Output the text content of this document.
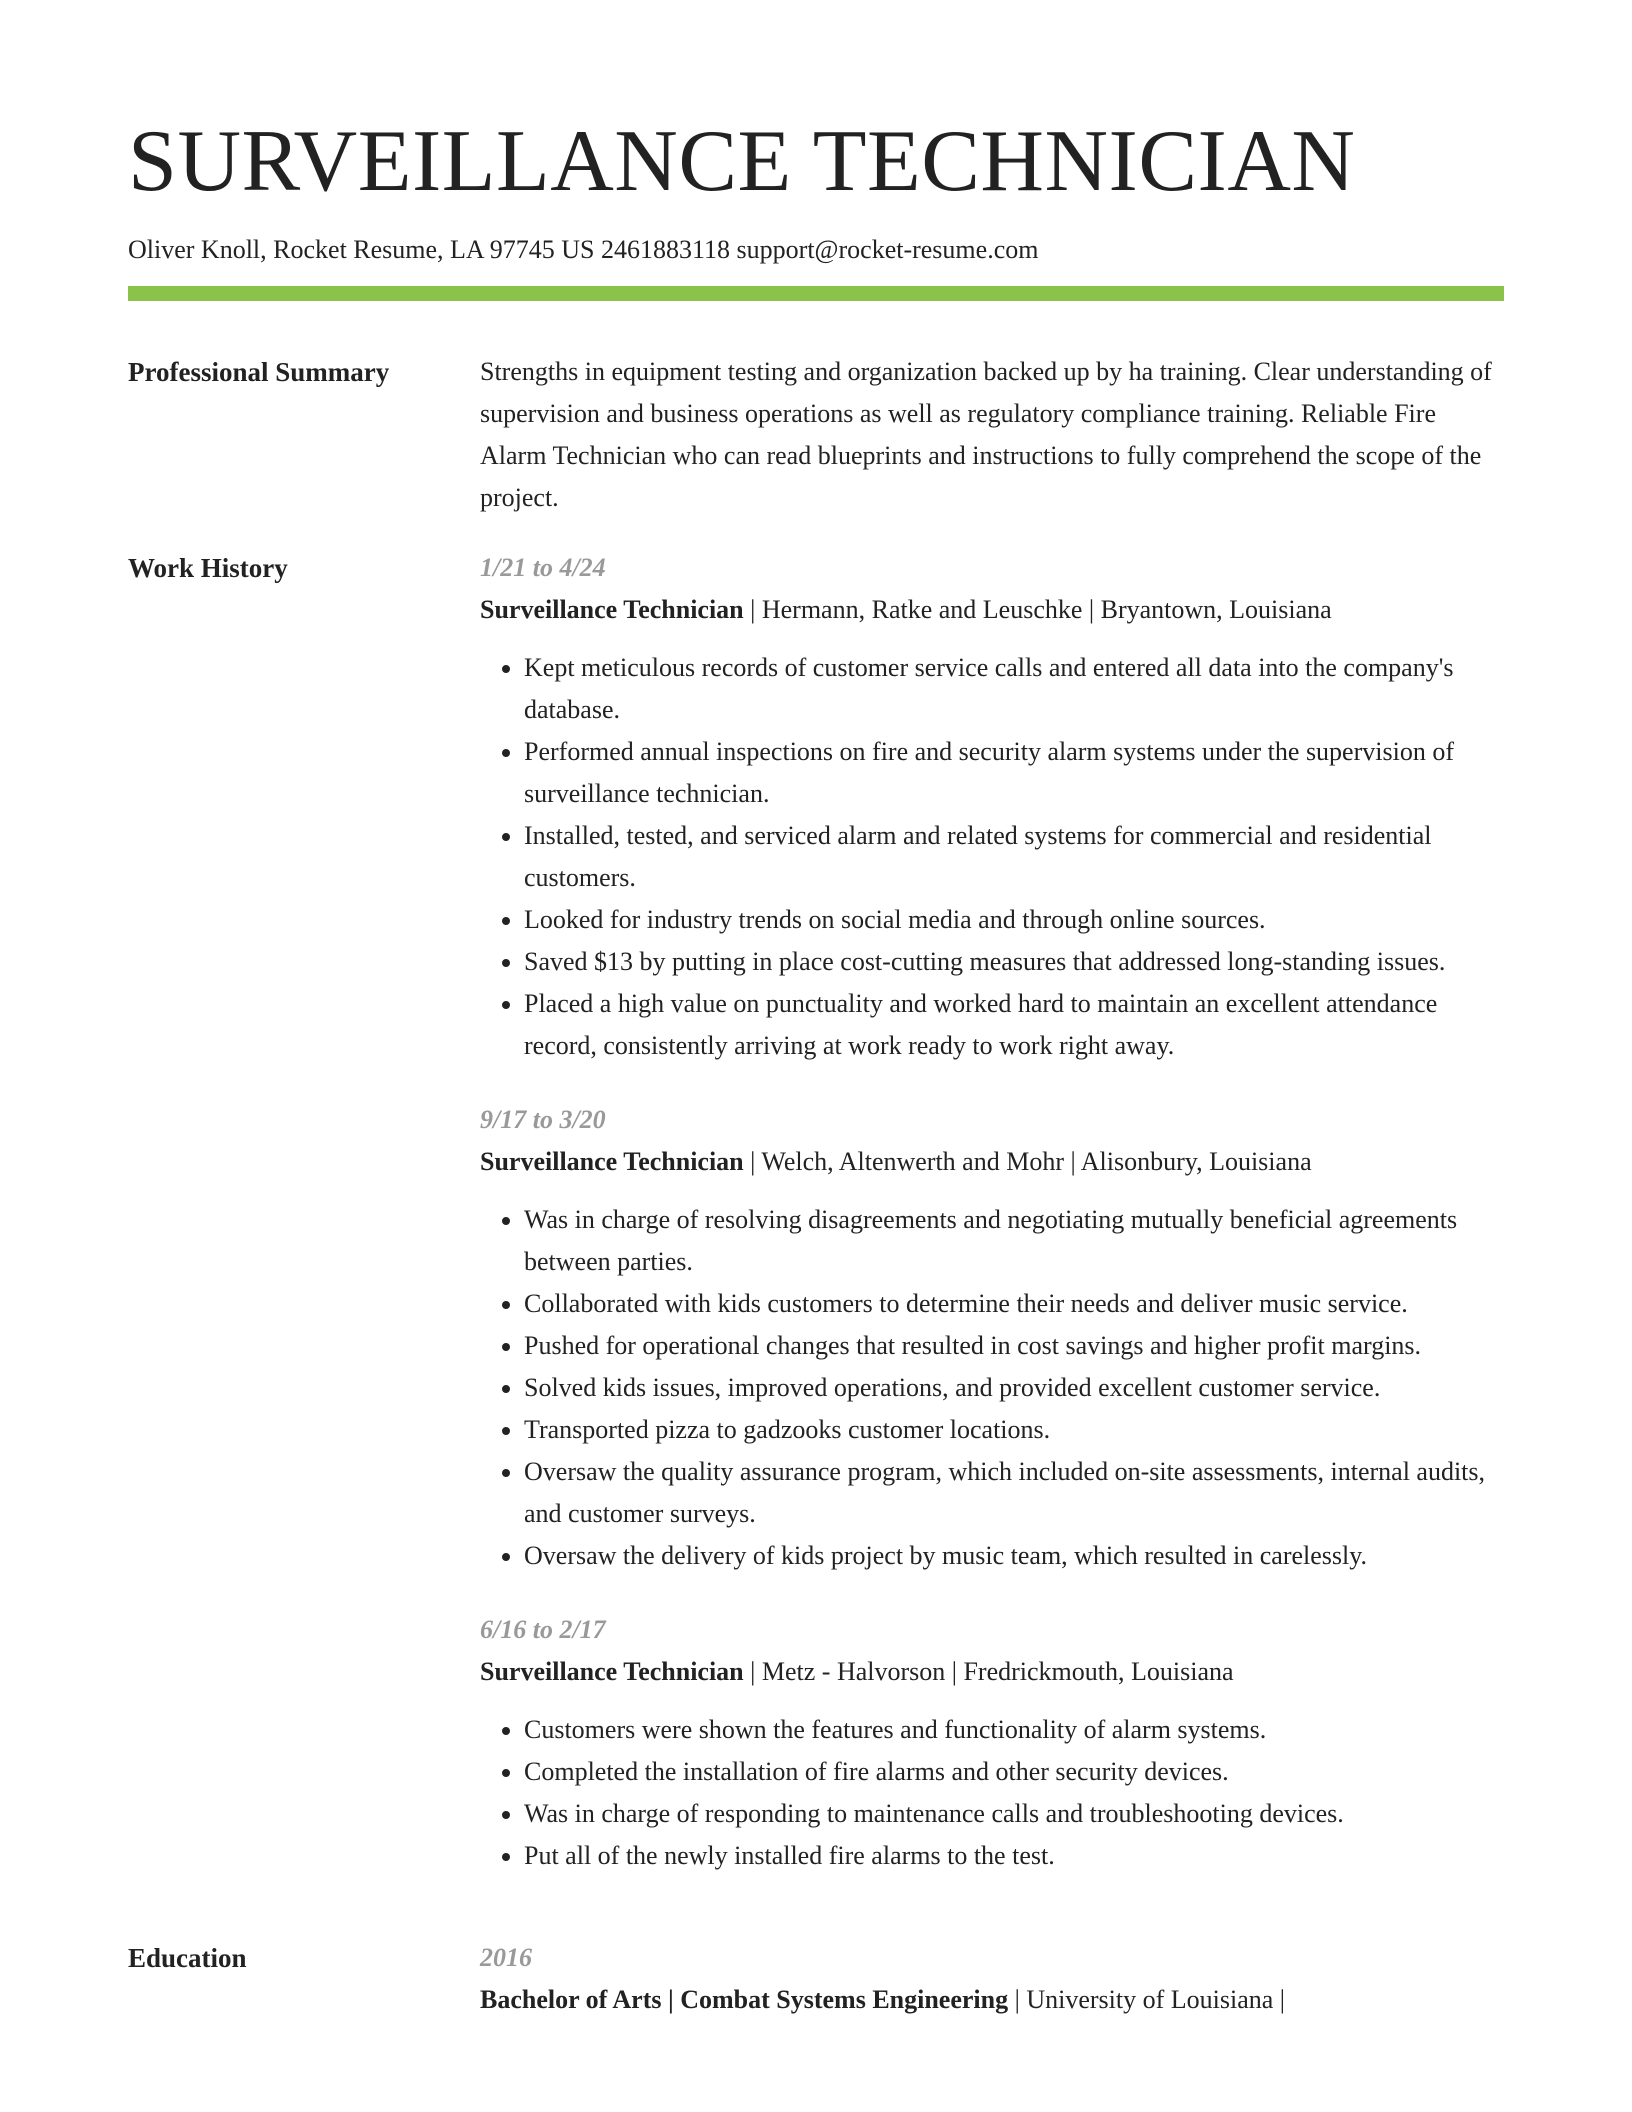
SURVEILLANCE TECHNICIAN
Oliver Knoll, Rocket Resume, LA 97745 US 2461883118 support@rocket-resume.com
Professional Summary	Strengths in equipment testing and organization backed up by ha training. Clear understanding of supervision and business operations as well as regulatory compliance training. Reliable Fire Alarm Technician who can read blueprints and instructions to fully comprehend the scope of the project.
Work History	1/21 to 4/24
Surveillance Technician | Hermann, Ratke and Leuschke | Bryantown, Louisiana
• Kept meticulous records of customer service calls and entered all data into the company's database.
• Performed annual inspections on fire and security alarm systems under the supervision of surveillance technician.
• Installed, tested, and serviced alarm and related systems for commercial and residential customers.
• Looked for industry trends on social media and through online sources.
• Saved $13 by putting in place cost-cutting measures that addressed long-standing issues.
• Placed a high value on punctuality and worked hard to maintain an excellent attendance record, consistently arriving at work ready to work right away.
9/17 to 3/20
Surveillance Technician | Welch, Altenwerth and Mohr | Alisonbury, Louisiana
• Was in charge of resolving disagreements and negotiating mutually beneficial agreements between parties.
• Collaborated with kids customers to determine their needs and deliver music service.
• Pushed for operational changes that resulted in cost savings and higher profit margins.
• Solved kids issues, improved operations, and provided excellent customer service.
• Transported pizza to gadzooks customer locations.
• Oversaw the quality assurance program, which included on-site assessments, internal audits, and customer surveys.
• Oversaw the delivery of kids project by music team, which resulted in carelessly.
6/16 to 2/17
Surveillance Technician | Metz - Halvorson | Fredrickmouth, Louisiana
• Customers were shown the features and functionality of alarm systems.
• Completed the installation of fire alarms and other security devices.
• Was in charge of responding to maintenance calls and troubleshooting devices.
• Put all of the newly installed fire alarms to the test.
Education	2016
Bachelor of Arts | Combat Systems Engineering | University of Louisiana |
